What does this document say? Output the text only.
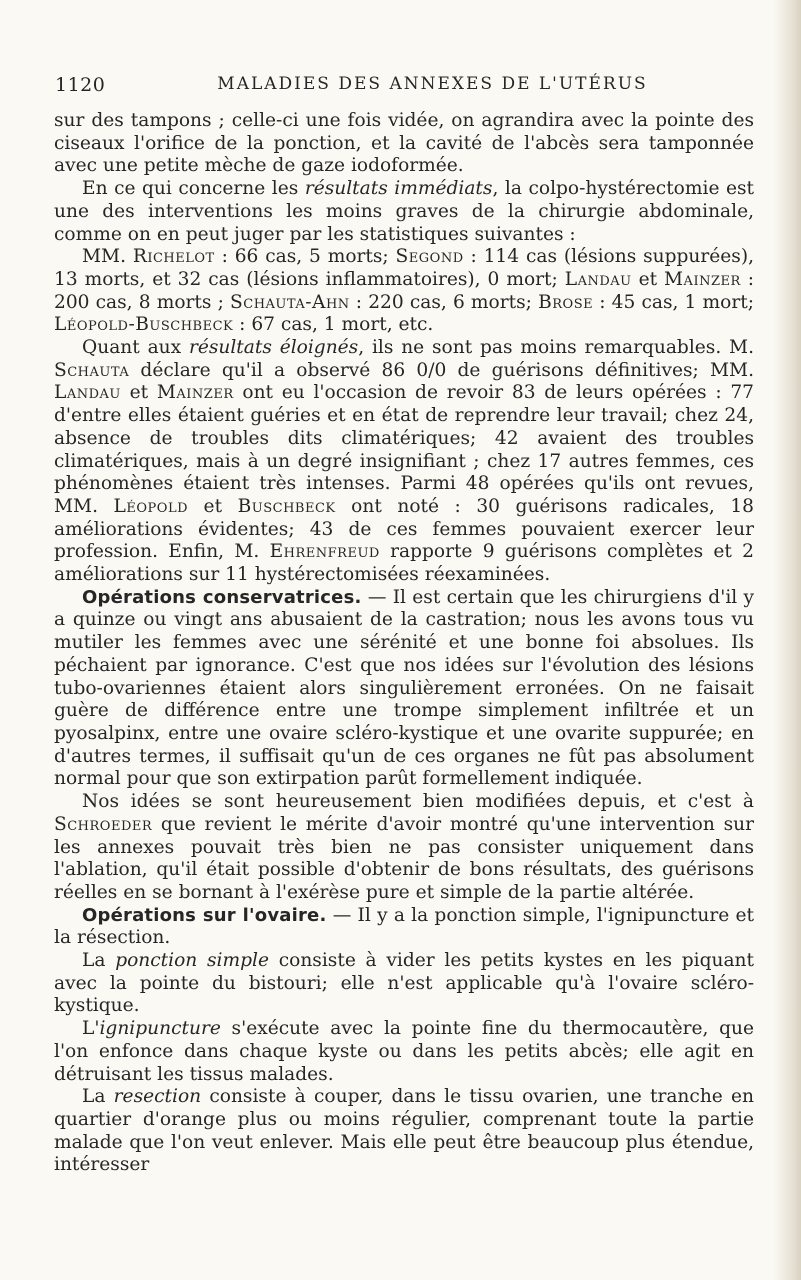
1120	MALADIES DES ANNEXES DE L'UTÉRUS

sur des tampons ; celle-ci une fois vidée, on agrandira avec la pointe des ciseaux l'orifice de la ponction, et la cavité de l'abcès sera tamponnée avec une petite mèche de gaze iodoformée.

En ce qui concerne les résultats immédiats, la colpo-hystérectomie est une des interventions les moins graves de la chirurgie abdominale, comme on en peut juger par les statistiques suivantes :

MM. Richelot : 66 cas, 5 morts; Segond : 114 cas (lésions suppurées), 13 morts, et 32 cas (lésions inflammatoires), 0 mort; Landau et Mainzer : 200 cas, 8 morts ; Schauta-Ahn : 220 cas, 6 morts; Brose : 45 cas, 1 mort; Léopold-Buschbeck : 67 cas, 1 mort, etc.

Quant aux résultats éloignés, ils ne sont pas moins remarquables. M. Schauta déclare qu'il a observé 86 0/0 de guérisons définitives; MM. Landau et Mainzer ont eu l'occasion de revoir 83 de leurs opérées : 77 d'entre elles étaient guéries et en état de reprendre leur travail; chez 24, absence de troubles dits climatériques; 42 avaient des troubles climatériques, mais à un degré insignifiant ; chez 17 autres femmes, ces phénomènes étaient très intenses. Parmi 48 opérées qu'ils ont revues, MM. Léopold et Buschbeck ont noté : 30 guérisons radicales, 18 améliorations évidentes; 43 de ces femmes pouvaient exercer leur profession. Enfin, M. Ehrenfreud rapporte 9 guérisons complètes et 2 améliorations sur 11 hystérectomisées réexaminées.

Opérations conservatrices. — Il est certain que les chirurgiens d'il y a quinze ou vingt ans abusaient de la castration; nous les avons tous vu mutiler les femmes avec une sérénité et une bonne foi absolues. Ils péchaient par ignorance. C'est que nos idées sur l'évolution des lésions tubo-ovariennes étaient alors singulièrement erronées. On ne faisait guère de différence entre une trompe simplement infiltrée et un pyosalpinx, entre une ovaire scléro-kystique et une ovarite suppurée; en d'autres termes, il suffisait qu'un de ces organes ne fût pas absolument normal pour que son extirpation parût formellement indiquée.

Nos idées se sont heureusement bien modifiées depuis, et c'est à Schroeder que revient le mérite d'avoir montré qu'une intervention sur les annexes pouvait très bien ne pas consister uniquement dans l'ablation, qu'il était possible d'obtenir de bons résultats, des guérisons réelles en se bornant à l'exérèse pure et simple de la partie altérée.

Opérations sur l'ovaire. — Il y a la ponction simple, l'ignipuncture et la résection.

La ponction simple consiste à vider les petits kystes en les piquant avec la pointe du bistouri; elle n'est applicable qu'à l'ovaire scléro-kystique.

L'ignipuncture s'exécute avec la pointe fine du thermocautère, que l'on enfonce dans chaque kyste ou dans les petits abcès; elle agit en détruisant les tissus malades.

La resection consiste à couper, dans le tissu ovarien, une tranche en quartier d'orange plus ou moins régulier, comprenant toute la partie malade que l'on veut enlever. Mais elle peut être beaucoup plus étendue, intéresser
